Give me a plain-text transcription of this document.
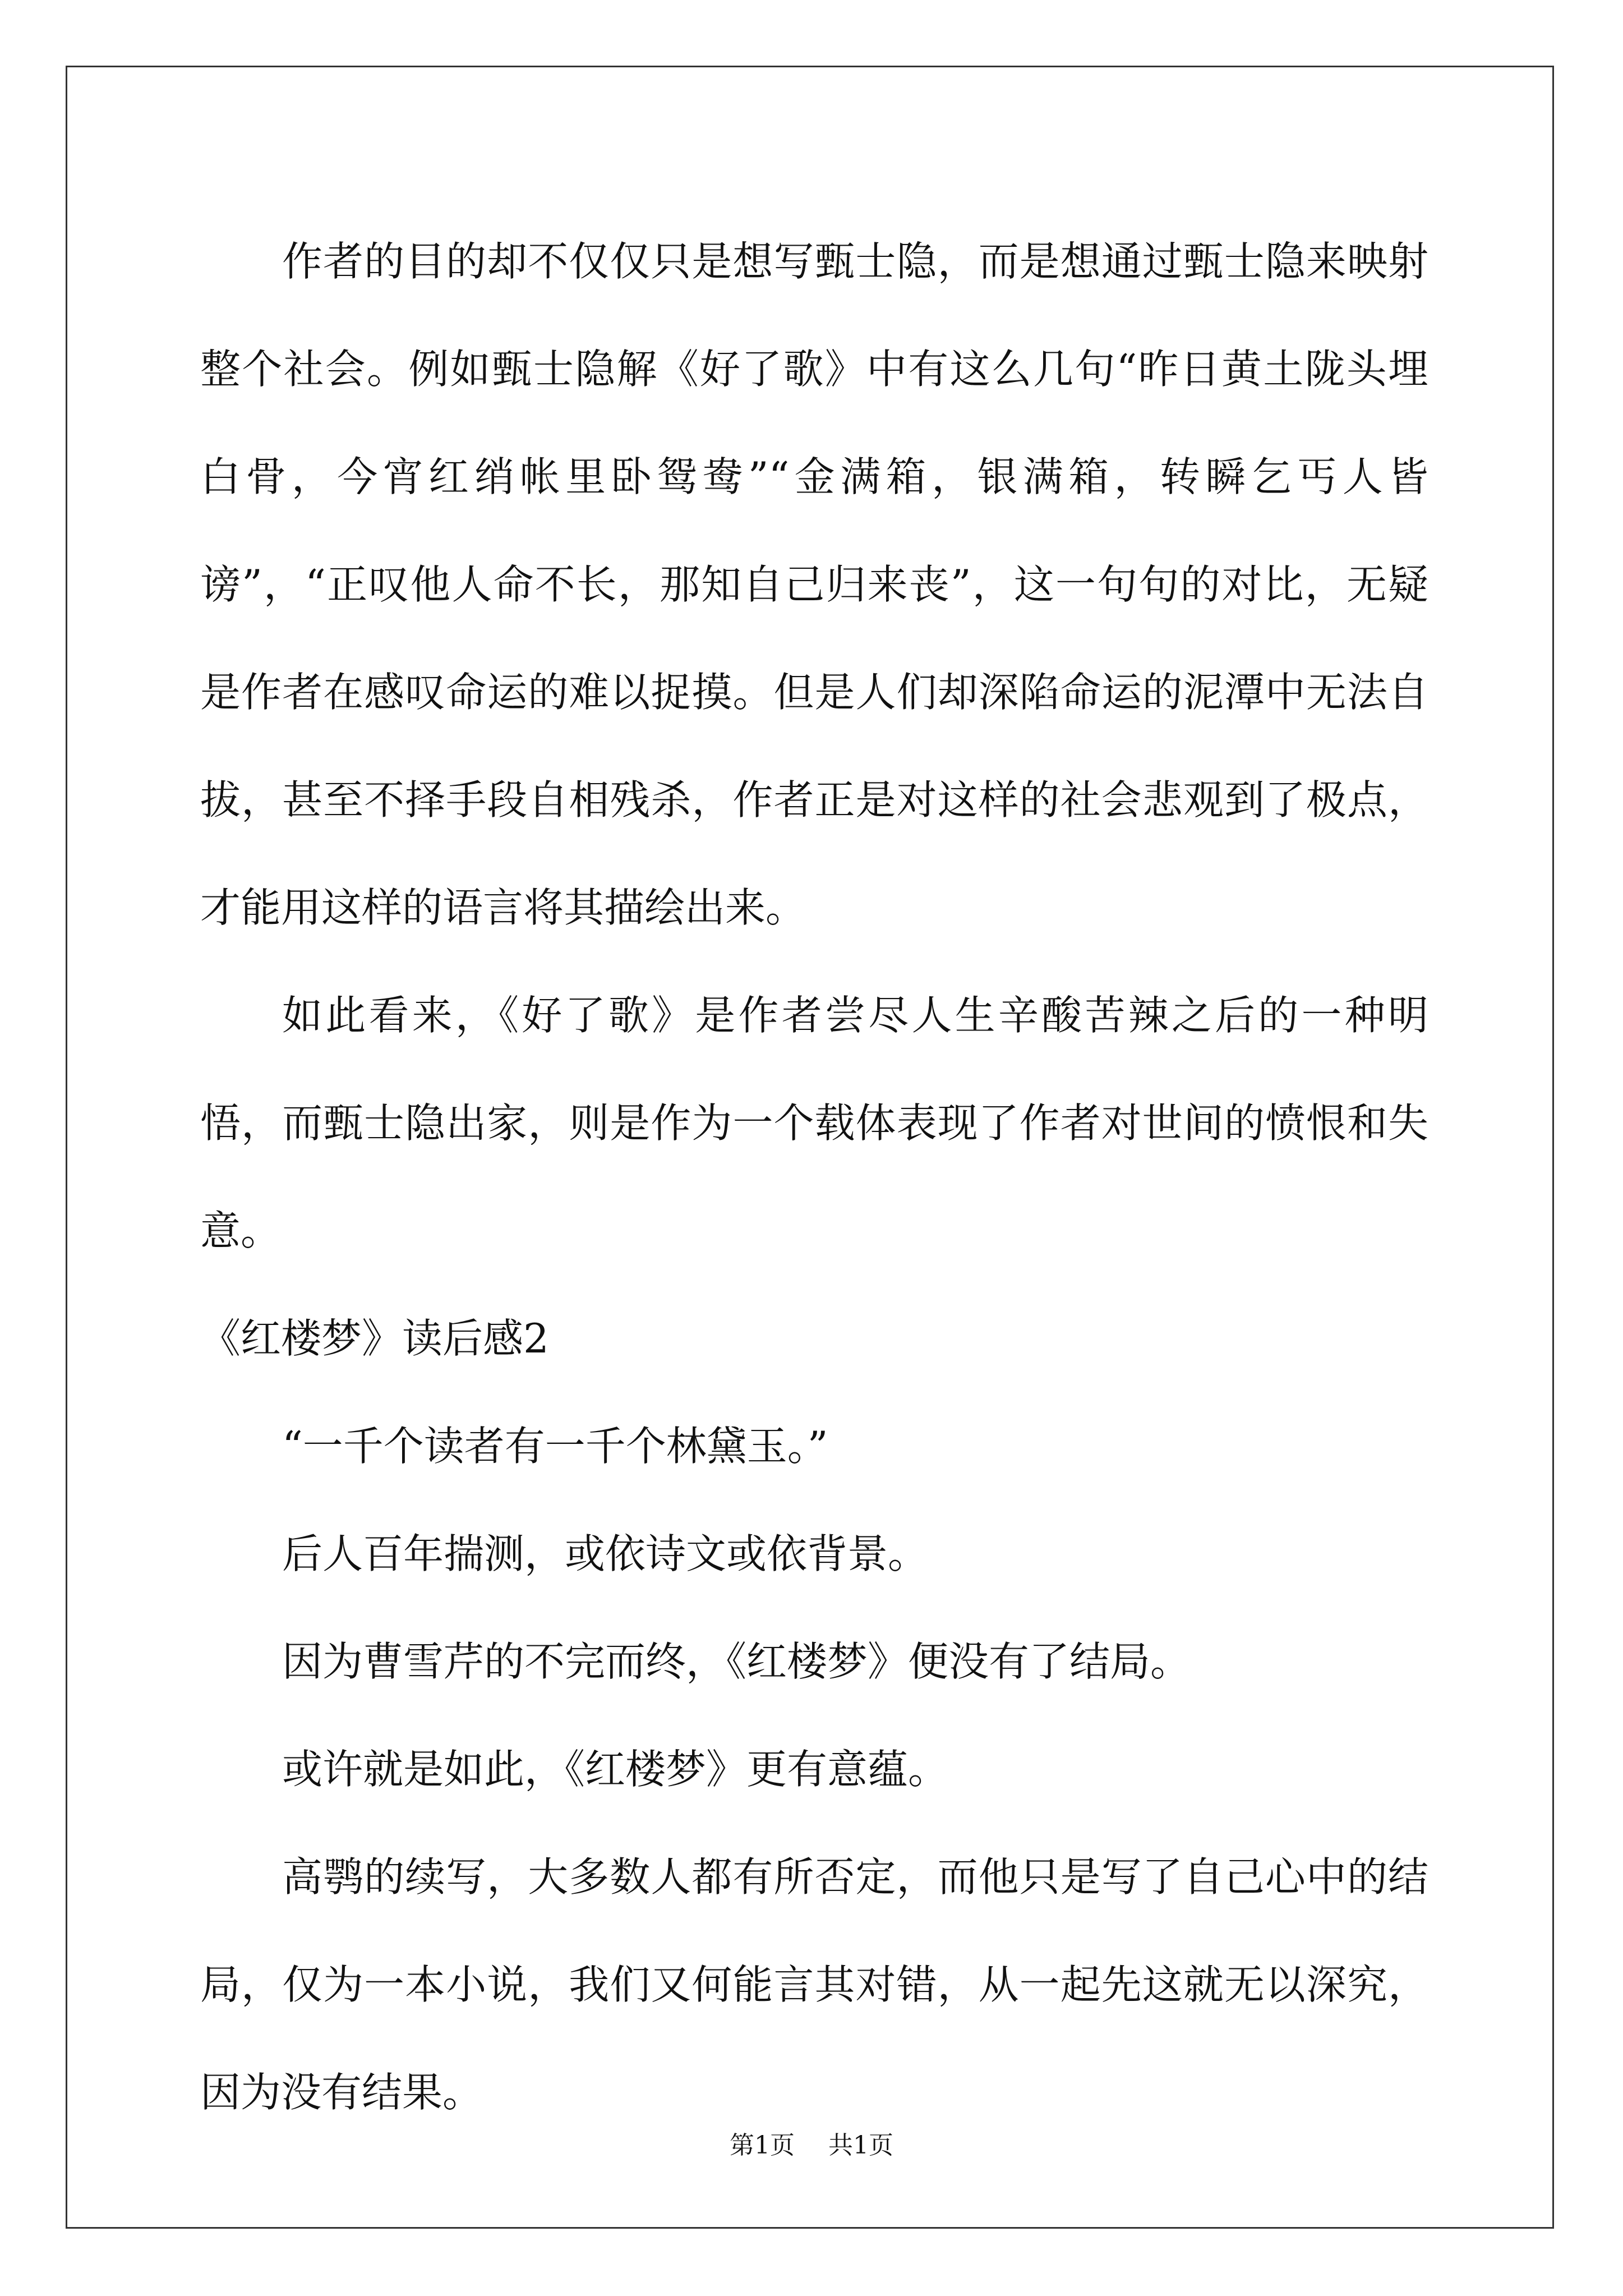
作者的目的却不仅仅只是想写甄士隐，而是想通过甄士隐来映射整个社会。例如甄士隐解《好了歌》中有这么几句“昨日黄土陇头埋白骨，今宵红绡帐里卧鸳鸯”“金满箱，银满箱，转瞬乞丐人皆谤”，“正叹他人命不长，那知自己归来丧”，这一句句的对比，无疑是作者在感叹命运的难以捉摸。但是人们却深陷命运的泥潭中无法自拔，甚至不择手段自相残杀，作者正是对这样的社会悲观到了极点，才能用这样的语言将其描绘出来。

如此看来，《好了歌》是作者尝尽人生辛酸苦辣之后的一种明悟，而甄士隐出家，则是作为一个载体表现了作者对世间的愤恨和失意。

《红楼梦》读后感2

“一千个读者有一千个林黛玉。”

后人百年揣测，或依诗文或依背景。

因为曹雪芹的不完而终，《红楼梦》便没有了结局。

或许就是如此，《红楼梦》更有意蕴。

高鹗的续写，大多数人都有所否定，而他只是写了自己心中的结局，仅为一本小说，我们又何能言其对错，从一起先这就无以深究，因为没有结果。

第1页 共1页
